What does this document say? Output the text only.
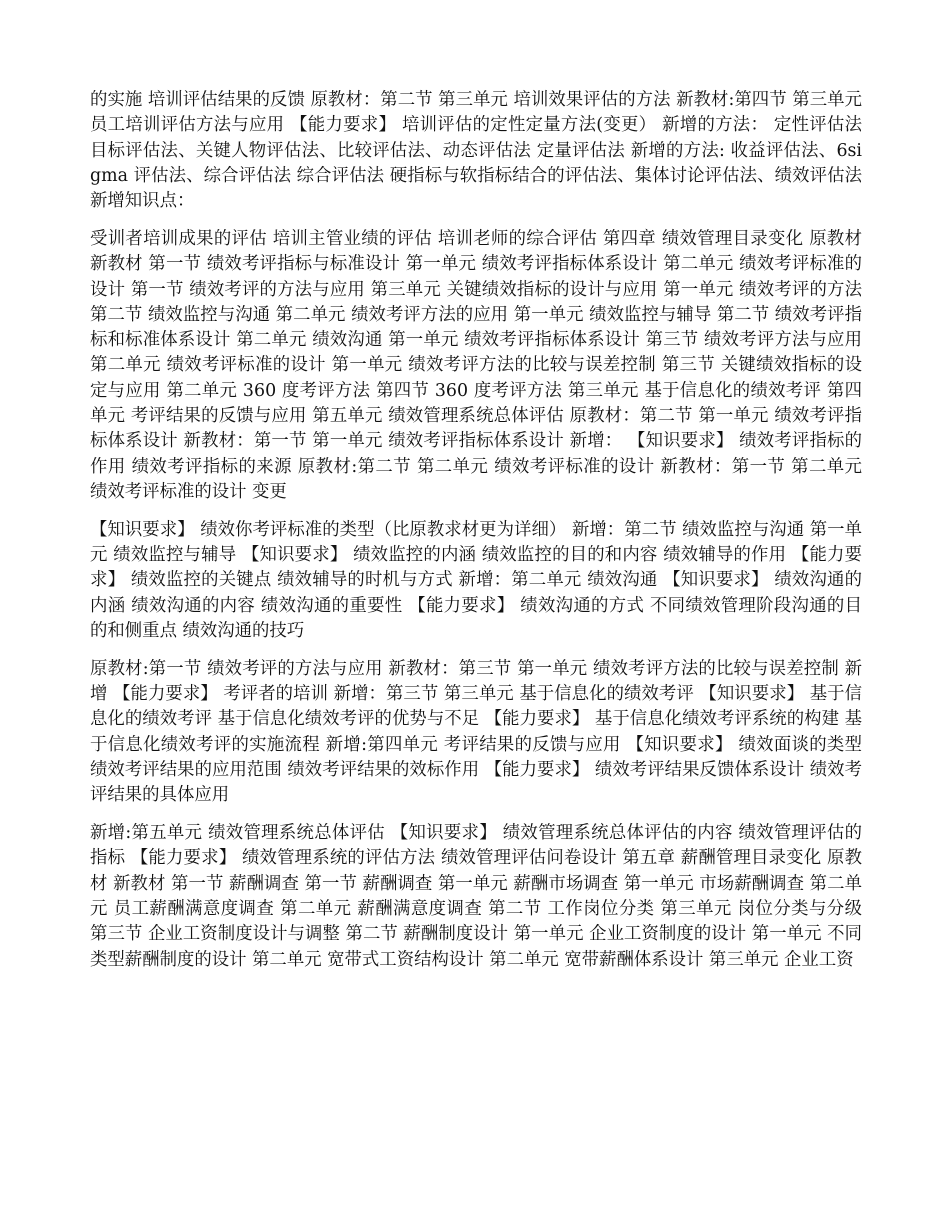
的实施 培训评估结果的反馈 原教材：第二节 第三单元 培训效果评估的方法 新教材:第四节 第三单元 员工培训评估方法与应用 【能力要求】 培训评估的定性定量方法(变更） 新增的方法： 定性评估法 目标评估法、关键人物评估法、比较评估法、动态评估法 定量评估法 新增的方法: 收益评估法、6sigma 评估法、综合评估法 综合评估法 硬指标与软指标结合的评估法、集体讨论评估法、绩效评估法 新增知识点：

受训者培训成果的评估 培训主管业绩的评估 培训老师的综合评估 第四章 绩效管理目录变化 原教材 新教材 第一节 绩效考评指标与标准设计 第一单元 绩效考评指标体系设计 第二单元 绩效考评标准的设计 第一节 绩效考评的方法与应用 第三单元 关键绩效指标的设计与应用 第一单元 绩效考评的方法 第二节 绩效监控与沟通 第二单元 绩效考评方法的应用 第一单元 绩效监控与辅导 第二节 绩效考评指标和标准体系设计 第二单元 绩效沟通 第一单元 绩效考评指标体系设计 第三节 绩效考评方法与应用 第二单元 绩效考评标准的设计 第一单元 绩效考评方法的比较与误差控制 第三节 关键绩效指标的设定与应用 第二单元 360 度考评方法 第四节 360 度考评方法 第三单元 基于信息化的绩效考评 第四单元 考评结果的反馈与应用 第五单元 绩效管理系统总体评估 原教材：第二节 第一单元 绩效考评指标体系设计 新教材：第一节 第一单元 绩效考评指标体系设计 新增： 【知识要求】 绩效考评指标的作用 绩效考评指标的来源 原教材:第二节 第二单元 绩效考评标准的设计 新教材：第一节 第二单元 绩效考评标准的设计 变更

【知识要求】 绩效你考评标准的类型（比原教求材更为详细） 新增：第二节 绩效监控与沟通 第一单元 绩效监控与辅导 【知识要求】 绩效监控的内涵 绩效监控的目的和内容 绩效辅导的作用 【能力要求】 绩效监控的关键点 绩效辅导的时机与方式 新增：第二单元 绩效沟通 【知识要求】 绩效沟通的内涵 绩效沟通的内容 绩效沟通的重要性 【能力要求】 绩效沟通的方式 不同绩效管理阶段沟通的目的和侧重点 绩效沟通的技巧

原教材:第一节 绩效考评的方法与应用 新教材：第三节 第一单元 绩效考评方法的比较与误差控制 新增 【能力要求】 考评者的培训 新增：第三节 第三单元 基于信息化的绩效考评 【知识要求】 基于信息化的绩效考评 基于信息化绩效考评的优势与不足 【能力要求】 基于信息化绩效考评系统的构建 基于信息化绩效考评的实施流程 新增:第四单元 考评结果的反馈与应用 【知识要求】 绩效面谈的类型 绩效考评结果的应用范围 绩效考评结果的效标作用 【能力要求】 绩效考评结果反馈体系设计 绩效考评结果的具体应用

新增:第五单元 绩效管理系统总体评估 【知识要求】 绩效管理系统总体评估的内容 绩效管理评估的指标 【能力要求】 绩效管理系统的评估方法 绩效管理评估问卷设计 第五章 薪酬管理目录变化 原教材 新教材 第一节 薪酬调查 第一节 薪酬调查 第一单元 薪酬市场调查 第一单元 市场薪酬调查 第二单元 员工薪酬满意度调查 第二单元 薪酬满意度调查 第二节 工作岗位分类 第三单元 岗位分类与分级 第三节 企业工资制度设计与调整 第二节 薪酬制度设计 第一单元 企业工资制度的设计 第一单元 不同类型薪酬制度的设计 第二单元 宽带式工资结构设计 第二单元 宽带薪酬体系设计 第三单元 企业工资
